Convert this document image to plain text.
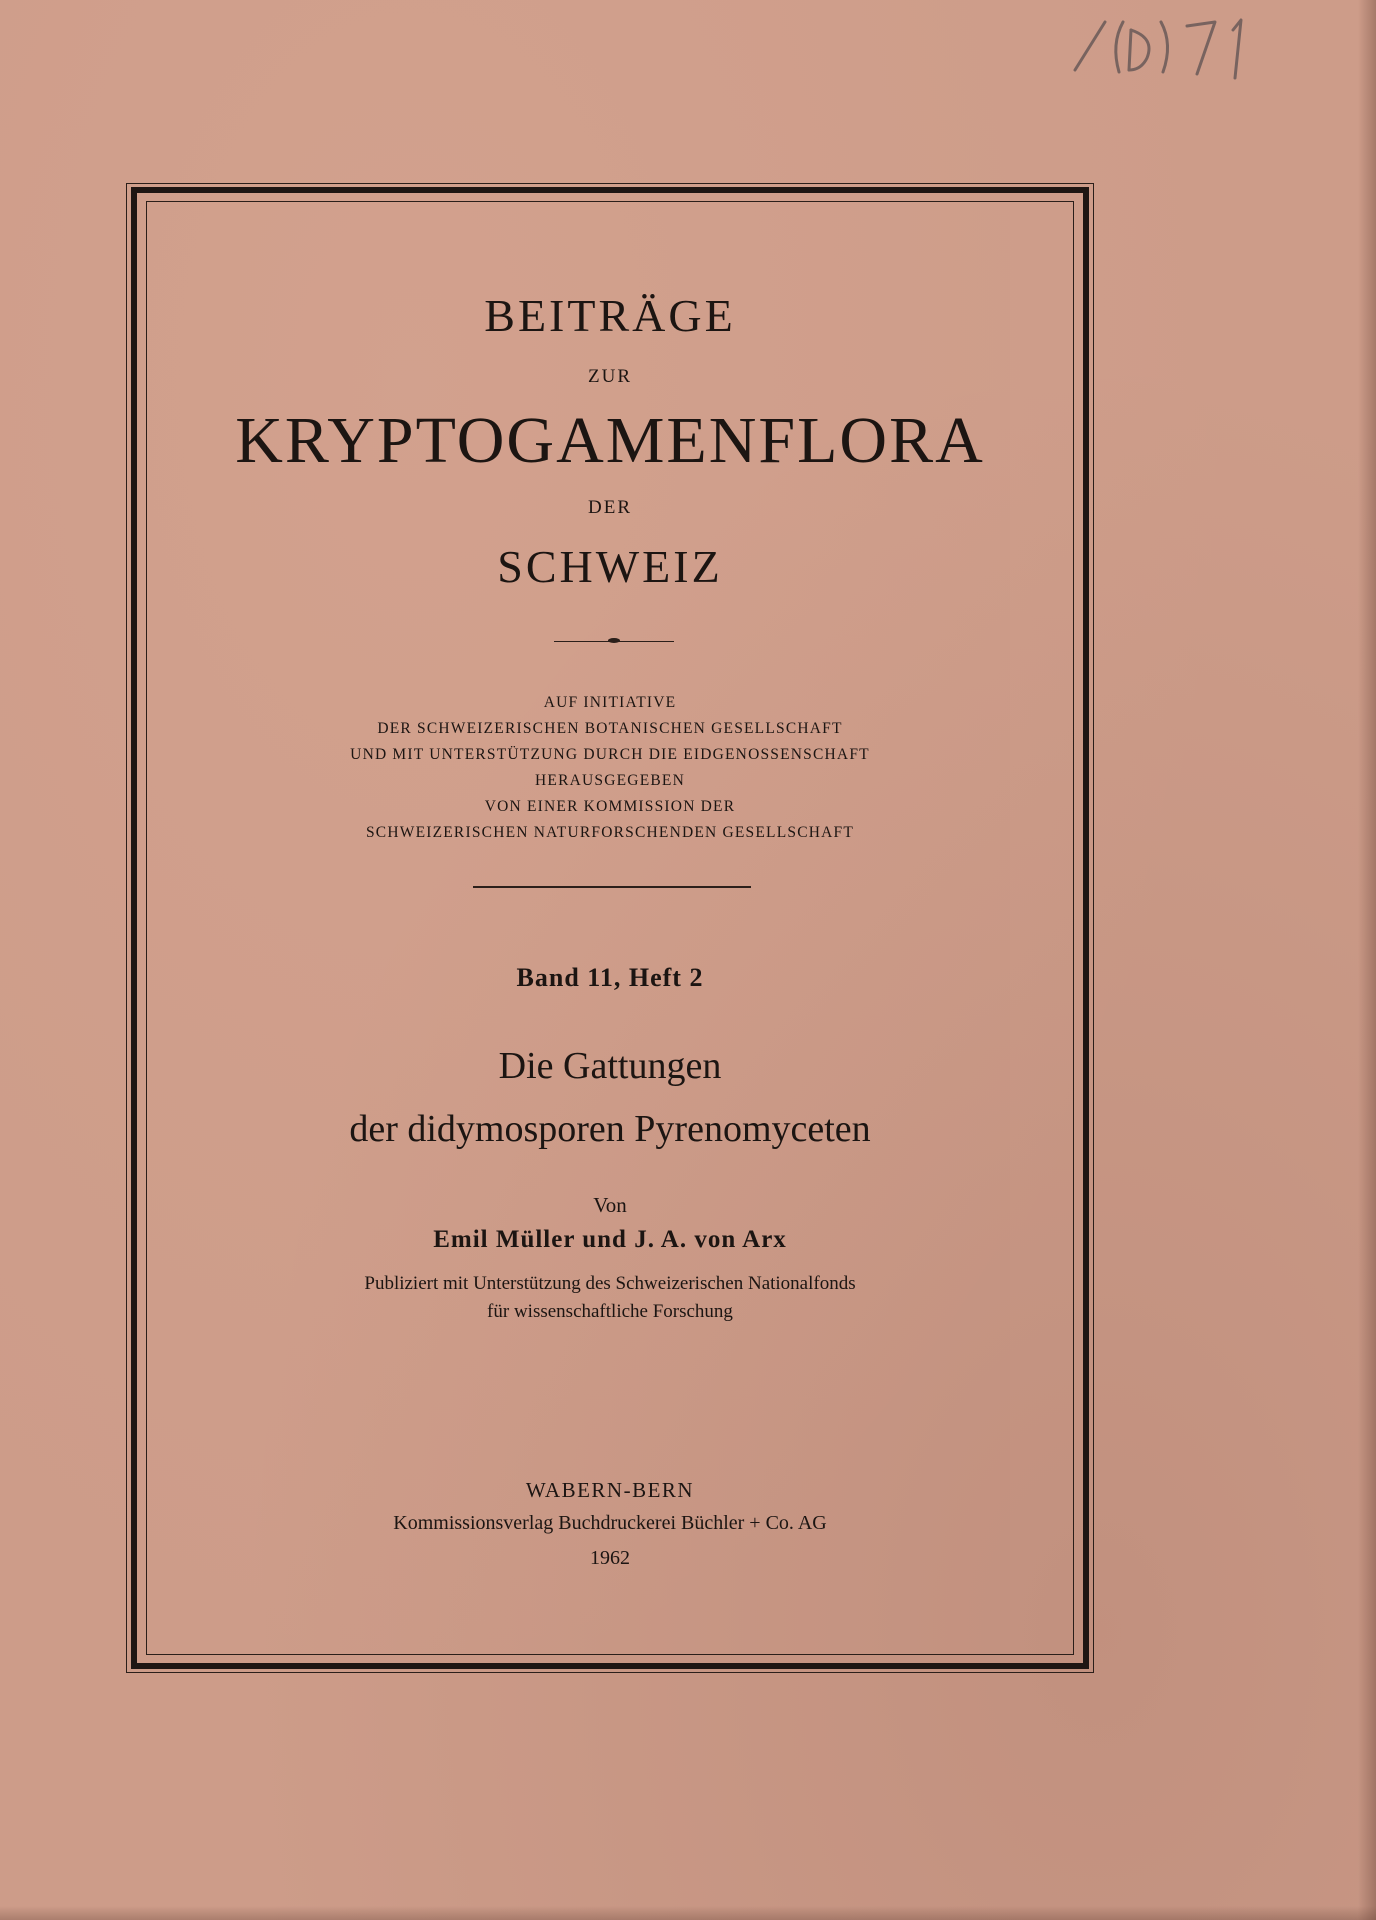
BEITRÄGE
ZUR
KRYPTOGAMENFLORA
DER
SCHWEIZ
AUF INITIATIVE
DER SCHWEIZERISCHEN BOTANISCHEN GESELLSCHAFT
UND MIT UNTERSTÜTZUNG DURCH DIE EIDGENOSSENSCHAFT
HERAUSGEGEBEN
VON EINER KOMMISSION DER
SCHWEIZERISCHEN NATURFORSCHENDEN GESELLSCHAFT
Band 11, Heft 2
Die Gattungen
der didymosporen Pyrenomyceten
Von
Emil Müller und J. A. von Arx
Publiziert mit Unterstützung des Schweizerischen Nationalfonds
für wissenschaftliche Forschung
WABERN-BERN
Kommissionsverlag Buchdruckerei Büchler + Co. AG
1962
